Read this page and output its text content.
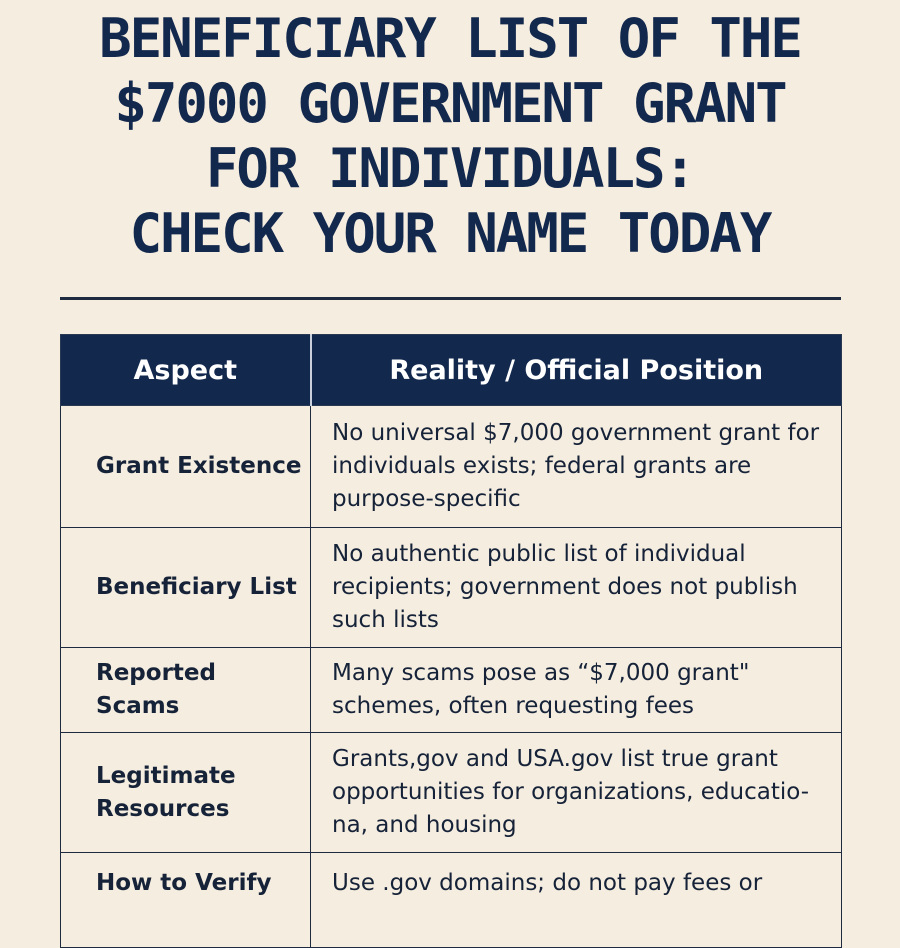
BENEFICIARY LIST OF THE
$7000 GOVERNMENT GRANT
FOR INDIVIDUALS:
CHECK YOUR NAME TODAY
Aspect	Reality / Official Position
Grant Existence	No universal $7,000 government grant for individuals exists; federal grants are purpose-specific
Beneficiary List	No authentic public list of individual recipients; government does not publish such lists
Reported Scams	Many scams pose as “$7,000 grant" schemes, often requesting fees
Legitimate Resources	Grants,gov and USA.gov list true grant opportunities for organizations, educatio-na, and housing
How to Verify	Use .gov domains; do not pay fees or
